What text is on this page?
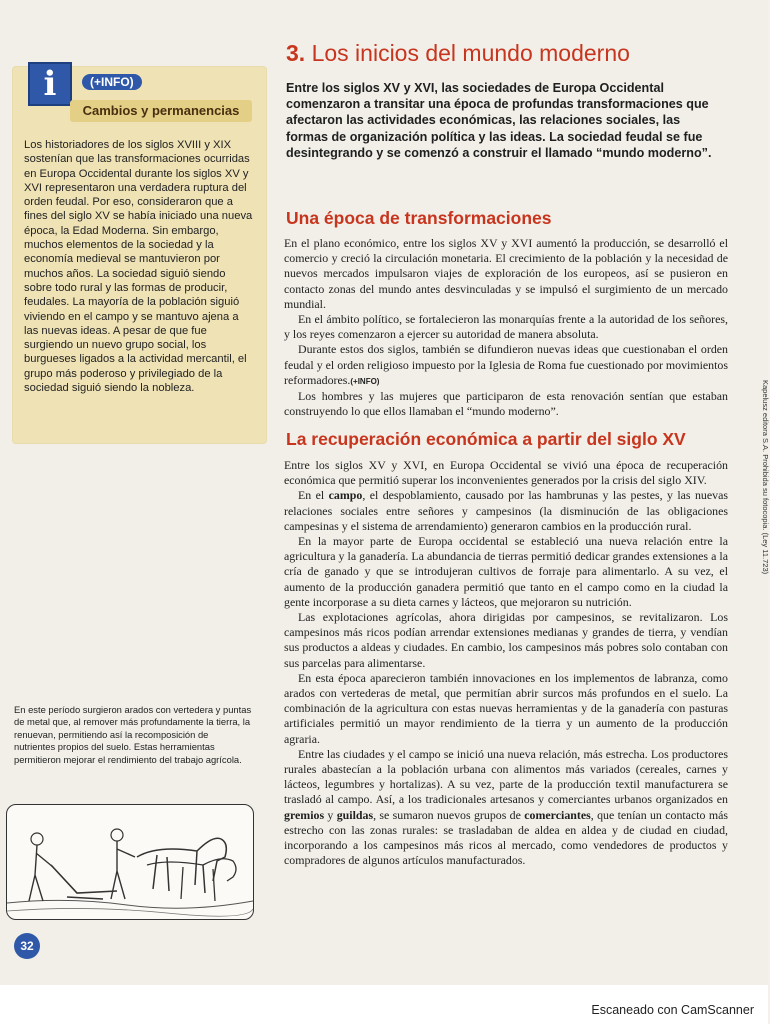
i	(+INFO)
Cambios y permanencias

Los historiadores de los siglos XVIII y XIX sostenían que las transformaciones ocurridas en Europa Occidental durante los siglos XV y XVI representaron una verdadera ruptura del orden feudal. Por eso, consideraron que a fines del siglo XV se había iniciado una nueva época, la Edad Moderna. Sin embargo, muchos elementos de la sociedad y la economía medieval se mantuvieron por muchos años. La sociedad siguió siendo sobre todo rural y las formas de producir, feudales. La mayoría de la población siguió viviendo en el campo y se mantuvo ajena a las nuevas ideas. A pesar de que fue surgiendo un nuevo grupo social, los burgueses ligados a la actividad mercantil, el grupo más poderoso y privilegiado de la sociedad siguió siendo la nobleza.

En este período surgieron arados con vertedera y puntas de metal que, al remover más profundamente la tierra, la renuevan, permitiendo así la recomposición de nutrientes propios del suelo. Estas herramientas permitieron mejorar el rendimiento del trabajo agrícola.

32
3. Los inicios del mundo moderno

Entre los siglos XV y XVI, las sociedades de Europa Occidental comenzaron a transitar una época de profundas transformaciones que afectaron las actividades económicas, las relaciones sociales, las formas de organización política y las ideas. La sociedad feudal se fue desintegrando y se comenzó a construir el llamado “mundo moderno”.

Una época de transformaciones

En el plano económico, entre los siglos XV y XVI aumentó la producción, se desarrolló el comercio y creció la circulación monetaria. El crecimiento de la población y la necesidad de nuevos mercados impulsaron viajes de exploración de los europeos, así se pusieron en contacto zonas del mundo antes desvinculadas y se impulsó el surgimiento de un mercado mundial.

En el ámbito político, se fortalecieron las monarquías frente a la autoridad de los señores, y los reyes comenzaron a ejercer su autoridad de manera absoluta.

Durante estos dos siglos, también se difundieron nuevas ideas que cuestionaban el orden feudal y el orden religioso impuesto por la Iglesia de Roma fue cuestionado por movimientos reformadores.(+INFO)

Los hombres y las mujeres que participaron de esta renovación sentían que estaban construyendo lo que ellos llamaban el “mundo moderno”.

La recuperación económica a partir del siglo XV

Entre los siglos XV y XVI, en Europa Occidental se vivió una época de recuperación económica que permitió superar los inconvenientes generados por la crisis del siglo XIV.

En el campo, el despoblamiento, causado por las hambrunas y las pestes, y las nuevas relaciones sociales entre señores y campesinos (la disminución de las obligaciones campesinas y el sistema de arrendamiento) generaron cambios en la producción rural.

En la mayor parte de Europa occidental se estableció una nueva relación entre la agricultura y la ganadería. La abundancia de tierras permitió dedicar grandes extensiones a la cría de ganado y que se introdujeran cultivos de forraje para alimentarlo. A su vez, el aumento de la producción ganadera permitió que tanto en el campo como en la ciudad la gente incorporase a su dieta carnes y lácteos, que mejoraron su nutrición.

Las explotaciones agrícolas, ahora dirigidas por campesinos, se revitalizaron. Los campesinos más ricos podían arrendar extensiones medianas y grandes de tierra, y vendían sus productos a aldeas y ciudades. En cambio, los campesinos más pobres solo contaban con sus parcelas para alimentarse.

En esta época aparecieron también innovaciones en los implementos de labranza, como arados con vertederas de metal, que permitían abrir surcos más profundos en el suelo. La combinación de la agricultura con estas nuevas herramientas y de la ganadería con pasturas artificiales permitió un mayor rendimiento de la tierra y un aumento de la producción agraria.

Entre las ciudades y el campo se inició una nueva relación, más estrecha. Los productores rurales abastecían a la población urbana con alimentos más variados (cereales, carnes y lácteos, legumbres y hortalizas). A su vez, parte de la producción textil manufacturera se trasladó al campo. Así, a los tradicionales artesanos y comerciantes urbanos organizados en gremios y guildas, se sumaron nuevos grupos de comerciantes, que tenían un contacto más estrecho con las zonas rurales: se trasladaban de aldea en aldea y de ciudad en ciudad, incorporando a los campesinos más ricos al mercado, como vendedores de productos y compradores de algunos artículos manufacturados.

Kapelusz editora S.A. Prohibida su fotocopia. (Ley 11.723)
Escaneado con CamScanner
